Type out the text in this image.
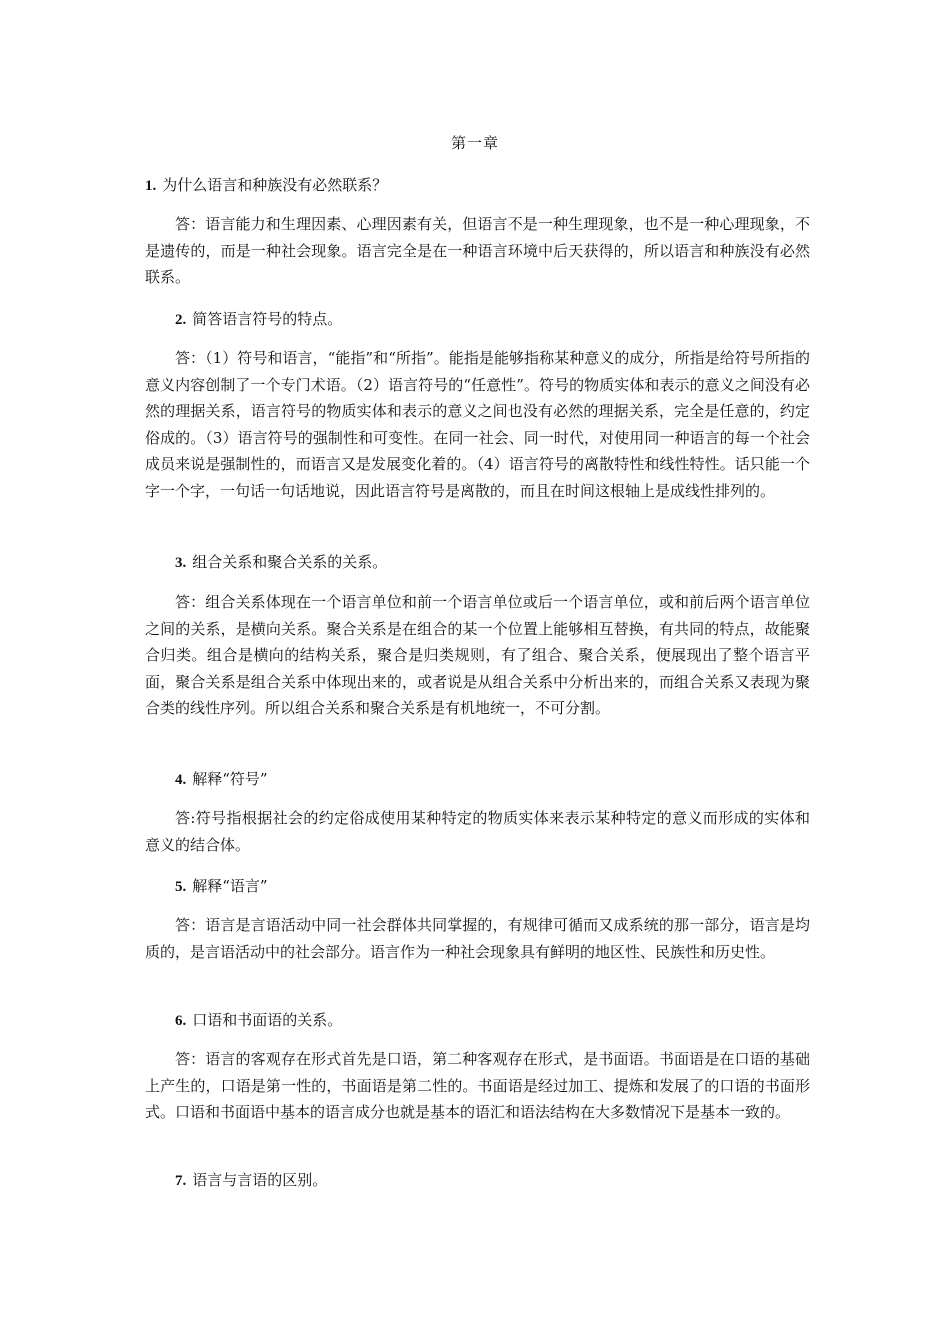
第一章
1. 为什么语言和种族没有必然联系？
答：语言能力和生理因素、心理因素有关，但语言不是一种生理现象，也不是一种心理现象，不是遗传的，而是一种社会现象。语言完全是在一种语言环境中后天获得的，所以语言和种族没有必然联系。
2. 简答语言符号的特点。
答：（1）符号和语言，“能指”和“所指”。能指是能够指称某种意义的成分，所指是给符号所指的意义内容创制了一个专门术语。（2）语言符号的“任意性”。符号的物质实体和表示的意义之间没有必然的理据关系，语言符号的物质实体和表示的意义之间也没有必然的理据关系，完全是任意的，约定俗成的。（3）语言符号的强制性和可变性。在同一社会、同一时代，对使用同一种语言的每一个社会成员来说是强制性的，而语言又是发展变化着的。（4）语言符号的离散特性和线性特性。话只能一个字一个字，一句话一句话地说，因此语言符号是离散的，而且在时间这根轴上是成线性排列的。
3. 组合关系和聚合关系的关系。
答：组合关系体现在一个语言单位和前一个语言单位或后一个语言单位，或和前后两个语言单位之间的关系，是横向关系。聚合关系是在组合的某一个位置上能够相互替换，有共同的特点，故能聚合归类。组合是横向的结构关系，聚合是归类规则，有了组合、聚合关系，便展现出了整个语言平面，聚合关系是组合关系中体现出来的，或者说是从组合关系中分析出来的，而组合关系又表现为聚合类的线性序列。所以组合关系和聚合关系是有机地统一，不可分割。
4. 解释“符号”
答:符号指根据社会的约定俗成使用某种特定的物质实体来表示某种特定的意义而形成的实体和意义的结合体。
5. 解释“语言”
答：语言是言语活动中同一社会群体共同掌握的，有规律可循而又成系统的那一部分，语言是均质的，是言语活动中的社会部分。语言作为一种社会现象具有鲜明的地区性、民族性和历史性。
6. 口语和书面语的关系。
答：语言的客观存在形式首先是口语，第二种客观存在形式，是书面语。书面语是在口语的基础上产生的，口语是第一性的，书面语是第二性的。书面语是经过加工、提炼和发展了的口语的书面形式。口语和书面语中基本的语言成分也就是基本的语汇和语法结构在大多数情况下是基本一致的。
7. 语言与言语的区别。
